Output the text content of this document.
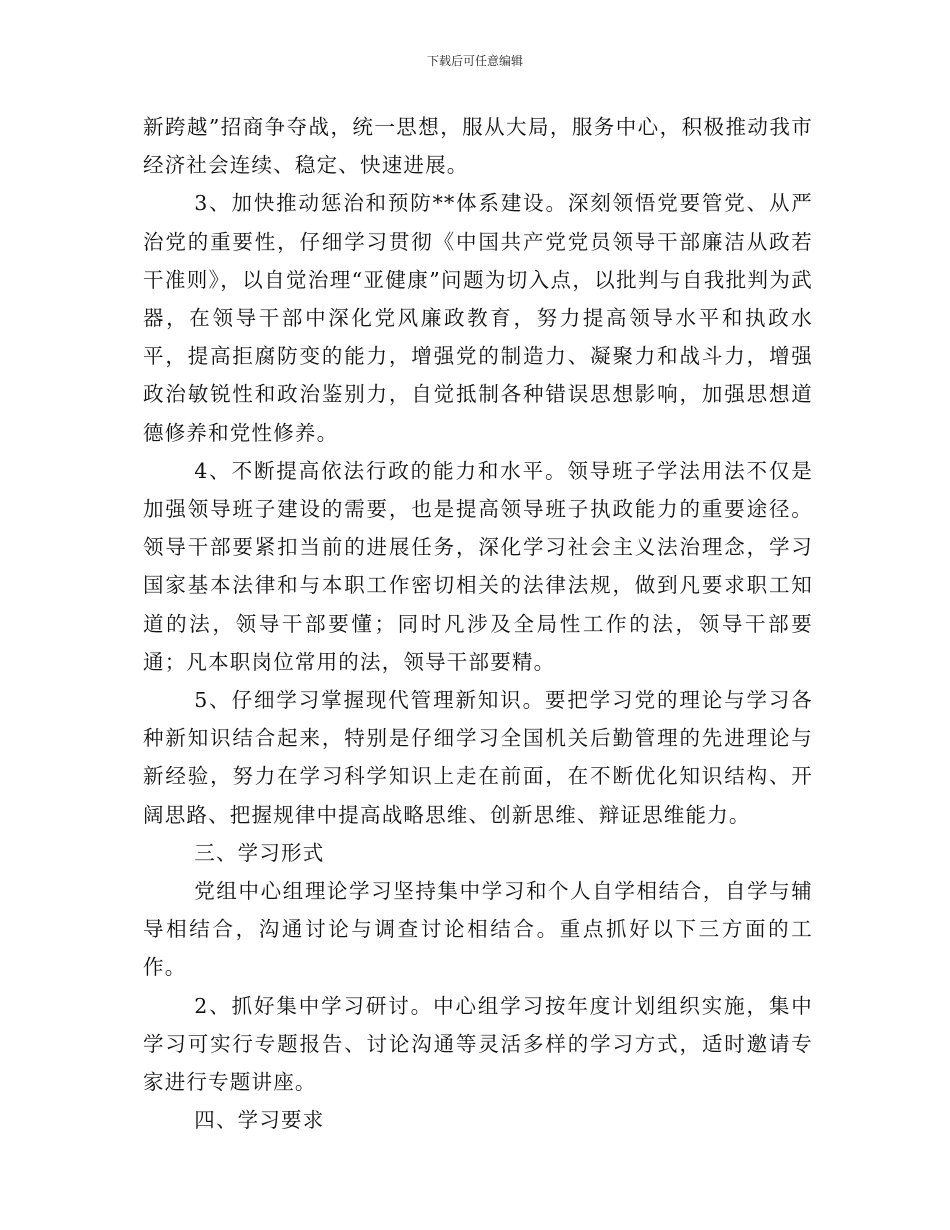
下载后可任意编辑

新跨越”招商争夺战，统一思想，服从大局，服务中心，积极推动我市经济社会连续、稳定、快速进展。

3、加快推动惩治和预防**体系建设。深刻领悟党要管党、从严治党的重要性，仔细学习贯彻《中国共产党党员领导干部廉洁从政若干准则》，以自觉治理“亚健康”问题为切入点，以批判与自我批判为武器，在领导干部中深化党风廉政教育，努力提高领导水平和执政水平，提高拒腐防变的能力，增强党的制造力、凝聚力和战斗力，增强政治敏锐性和政治鉴别力，自觉抵制各种错误思想影响，加强思想道德修养和党性修养。

4、不断提高依法行政的能力和水平。领导班子学法用法不仅是加强领导班子建设的需要，也是提高领导班子执政能力的重要途径。领导干部要紧扣当前的进展任务，深化学习社会主义法治理念，学习国家基本法律和与本职工作密切相关的法律法规，做到凡要求职工知道的法，领导干部要懂；同时凡涉及全局性工作的法，领导干部要通；凡本职岗位常用的法，领导干部要精。

5、仔细学习掌握现代管理新知识。要把学习党的理论与学习各种新知识结合起来，特别是仔细学习全国机关后勤管理的先进理论与新经验，努力在学习科学知识上走在前面，在不断优化知识结构、开阔思路、把握规律中提高战略思维、创新思维、辩证思维能力。

三、学习形式

党组中心组理论学习坚持集中学习和个人自学相结合，自学与辅导相结合，沟通讨论与调查讨论相结合。重点抓好以下三方面的工作。

2、抓好集中学习研讨。中心组学习按年度计划组织实施，集中学习可实行专题报告、讨论沟通等灵活多样的学习方式，适时邀请专家进行专题讲座。

四、学习要求
